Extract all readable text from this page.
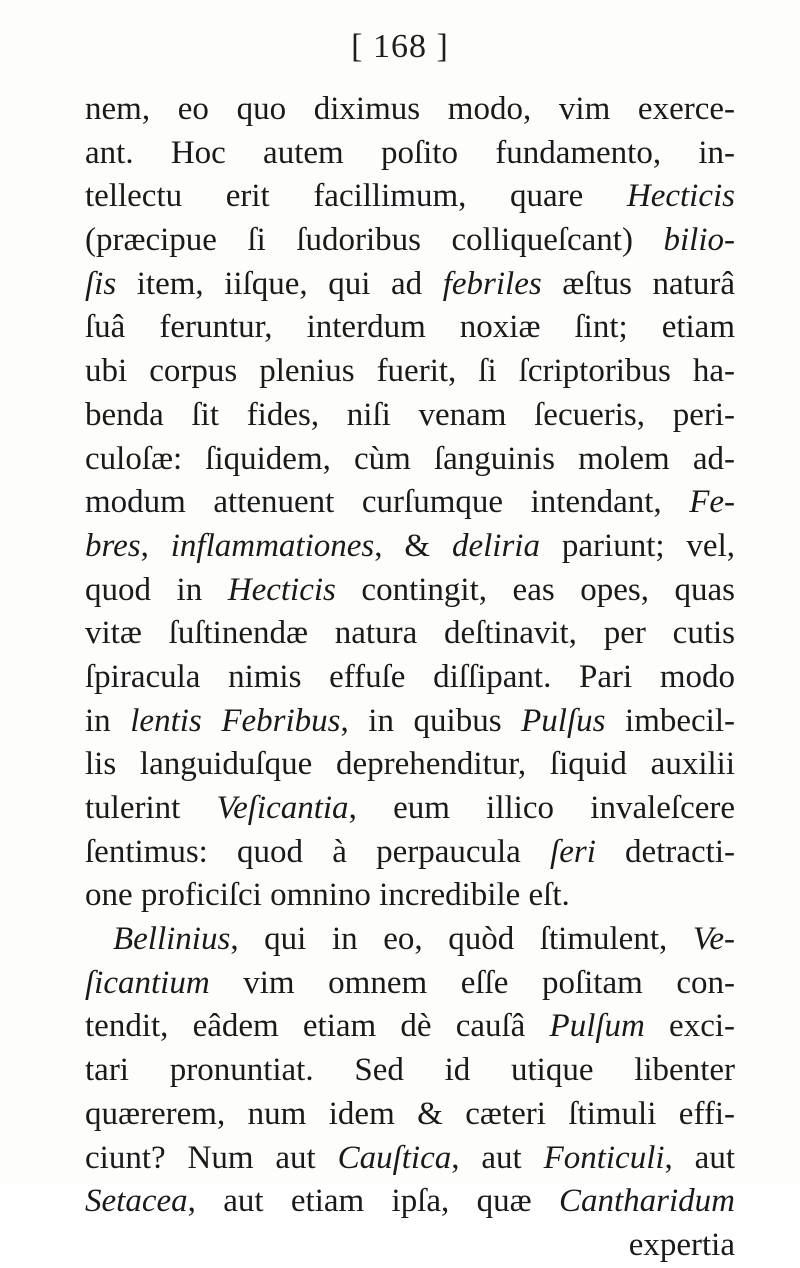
[ 168 ]
nem, eo quo diximus modo, vim exerce-
ant. Hoc autem poſito fundamento, in-
tellectu erit facillimum, quare Hecticis
(præcipue ſi ſudoribus colliqueſcant) bilio-
ſis item, iiſque, qui ad febriles æſtus naturâ
ſuâ feruntur, interdum noxiæ ſint; etiam
ubi corpus plenius fuerit, ſi ſcriptoribus ha-
benda ſit fides, niſi venam ſecueris, peri-
culoſæ: ſiquidem, cùm ſanguinis molem ad-
modum attenuent curſumque intendant, Fe-
bres, inflammationes, & deliria pariunt; vel,
quod in Hecticis contingit, eas opes, quas
vitæ ſuſtinendæ natura deſtinavit, per cutis
ſpiracula nimis effuſe diſſipant. Pari modo
in lentis Febribus, in quibus Pulſus imbecil-
lis languiduſque deprehenditur, ſiquid auxilii
tulerint Veſicantia, eum illico invaleſcere
ſentimus: quod à perpaucula ſeri detracti-
one proficiſci omnino incredibile eſt.
Bellinius, qui in eo, quòd ſtimulent, Ve-
ſicantium vim omnem eſſe poſitam con-
tendit, eâdem etiam dè cauſâ Pulſum exci-
tari pronuntiat. Sed id utique libenter
quærerem, num idem & cæteri ſtimuli effi-
ciunt? Num aut Cauſtica, aut Fonticuli, aut
Setacea, aut etiam ipſa, quæ Cantharidum
expertia
